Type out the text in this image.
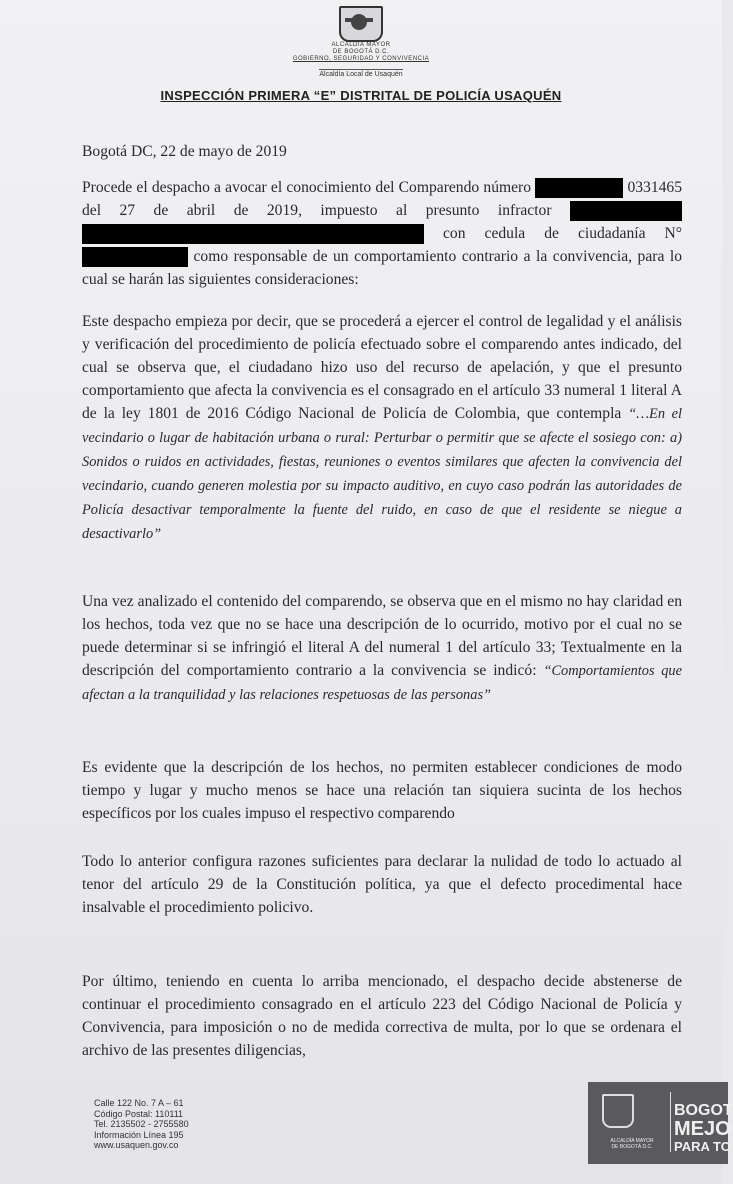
ALCALDÍA MAYOR
DE BOGOTÁ D.C.
GOBIERNO, SEGURIDAD Y CONVIVENCIA
Alcaldía Local de Usaquén
INSPECCIÓN PRIMERA “E” DISTRITAL DE POLICÍA USAQUÉN
Bogotá DC, 22 de mayo de 2019
Procede el despacho a avocar el conocimiento del Comparendo número	0331465 del 27 de abril de 2019, impuesto al presunto infractor   con cedula de ciudadanía N°  como responsable de un comportamiento contrario a la convivencia, para lo cual se harán las siguientes consideraciones:
Este despacho empieza por decir, que se procederá a ejercer el control de legalidad y el análisis y verificación del procedimiento de policía efectuado sobre el comparendo antes indicado, del cual se observa que, el ciudadano hizo uso del recurso de apelación, y que el presunto comportamiento que afecta la convivencia es el consagrado en el artículo 33 numeral 1 literal A de la ley 1801 de 2016 Código Nacional de Policía de Colombia, que contempla “…En el vecindario o lugar de habitación urbana o rural: Perturbar o permitir que se afecte el sosiego con: a) Sonidos o ruidos en actividades, fiestas, reuniones o eventos similares que afecten la convivencia del vecindario, cuando generen molestia por su impacto auditivo, en cuyo caso podrán las autoridades de Policía desactivar temporalmente la fuente del ruido, en caso de que el residente se niegue a desactivarlo”
Una vez analizado el contenido del comparendo, se observa que en el mismo no hay claridad en los hechos, toda vez que no se hace una descripción de lo ocurrido, motivo por el cual no se puede determinar si se infringió el literal A del numeral 1 del artículo 33; Textualmente en la descripción del comportamiento contrario a la convivencia se indicó: “Comportamientos que afectan a la tranquilidad y las relaciones respetuosas de las personas”
Es evidente que la descripción de los hechos, no permiten establecer condiciones de modo tiempo y lugar y mucho menos se hace una relación tan siquiera sucinta de los hechos específicos por los cuales impuso el respectivo comparendo
Todo lo anterior configura razones suficientes para declarar la nulidad de todo lo actuado al tenor del artículo 29 de la Constitución política, ya que el defecto procedimental hace insalvable el procedimiento policivo.
Por último, teniendo en cuenta lo arriba mencionado, el despacho decide abstenerse de continuar el procedimiento consagrado en el artículo 223 del Código Nacional de Policía y Convivencia, para imposición o no de medida correctiva de multa, por lo que se ordenara el archivo de las presentes diligencias,
Calle 122 No. 7 A – 61
Código Postal: 110111
Tel. 2135502 - 2755580
Información Línea 195
www.usaquen.gov.co	ALCALDÍA MAYOR
DE BOGOTÁ D.C.
BOGOT
MEJO
PARA TO
